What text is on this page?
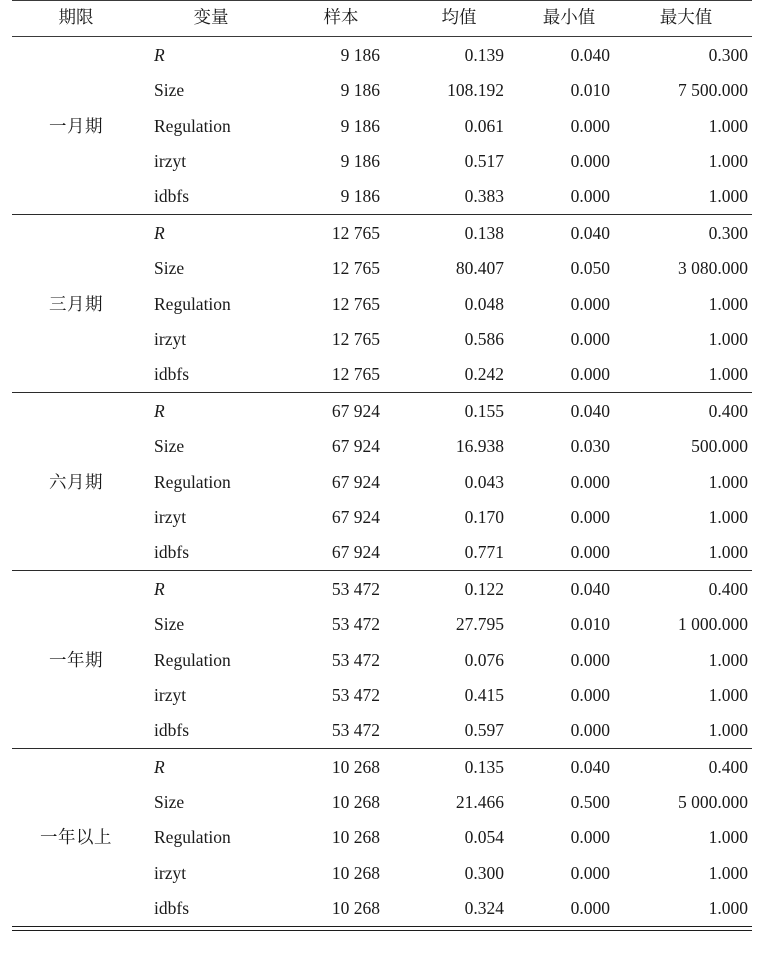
期限	变量	样本	均值	最小值	最大值
一月期	R	9 186	0.139	0.040	0.300
	Size	9 186	108.192	0.010	7 500.000
	Regulation	9 186	0.061	0.000	1.000
	irzyt	9 186	0.517	0.000	1.000
	idbfs	9 186	0.383	0.000	1.000
三月期	R	12 765	0.138	0.040	0.300
	Size	12 765	80.407	0.050	3 080.000
	Regulation	12 765	0.048	0.000	1.000
	irzyt	12 765	0.586	0.000	1.000
	idbfs	12 765	0.242	0.000	1.000
六月期	R	67 924	0.155	0.040	0.400
	Size	67 924	16.938	0.030	500.000
	Regulation	67 924	0.043	0.000	1.000
	irzyt	67 924	0.170	0.000	1.000
	idbfs	67 924	0.771	0.000	1.000
一年期	R	53 472	0.122	0.040	0.400
	Size	53 472	27.795	0.010	1 000.000
	Regulation	53 472	0.076	0.000	1.000
	irzyt	53 472	0.415	0.000	1.000
	idbfs	53 472	0.597	0.000	1.000
一年以上	R	10 268	0.135	0.040	0.400
	Size	10 268	21.466	0.500	5 000.000
	Regulation	10 268	0.054	0.000	1.000
	irzyt	10 268	0.300	0.000	1.000
	idbfs	10 268	0.324	0.000	1.000
